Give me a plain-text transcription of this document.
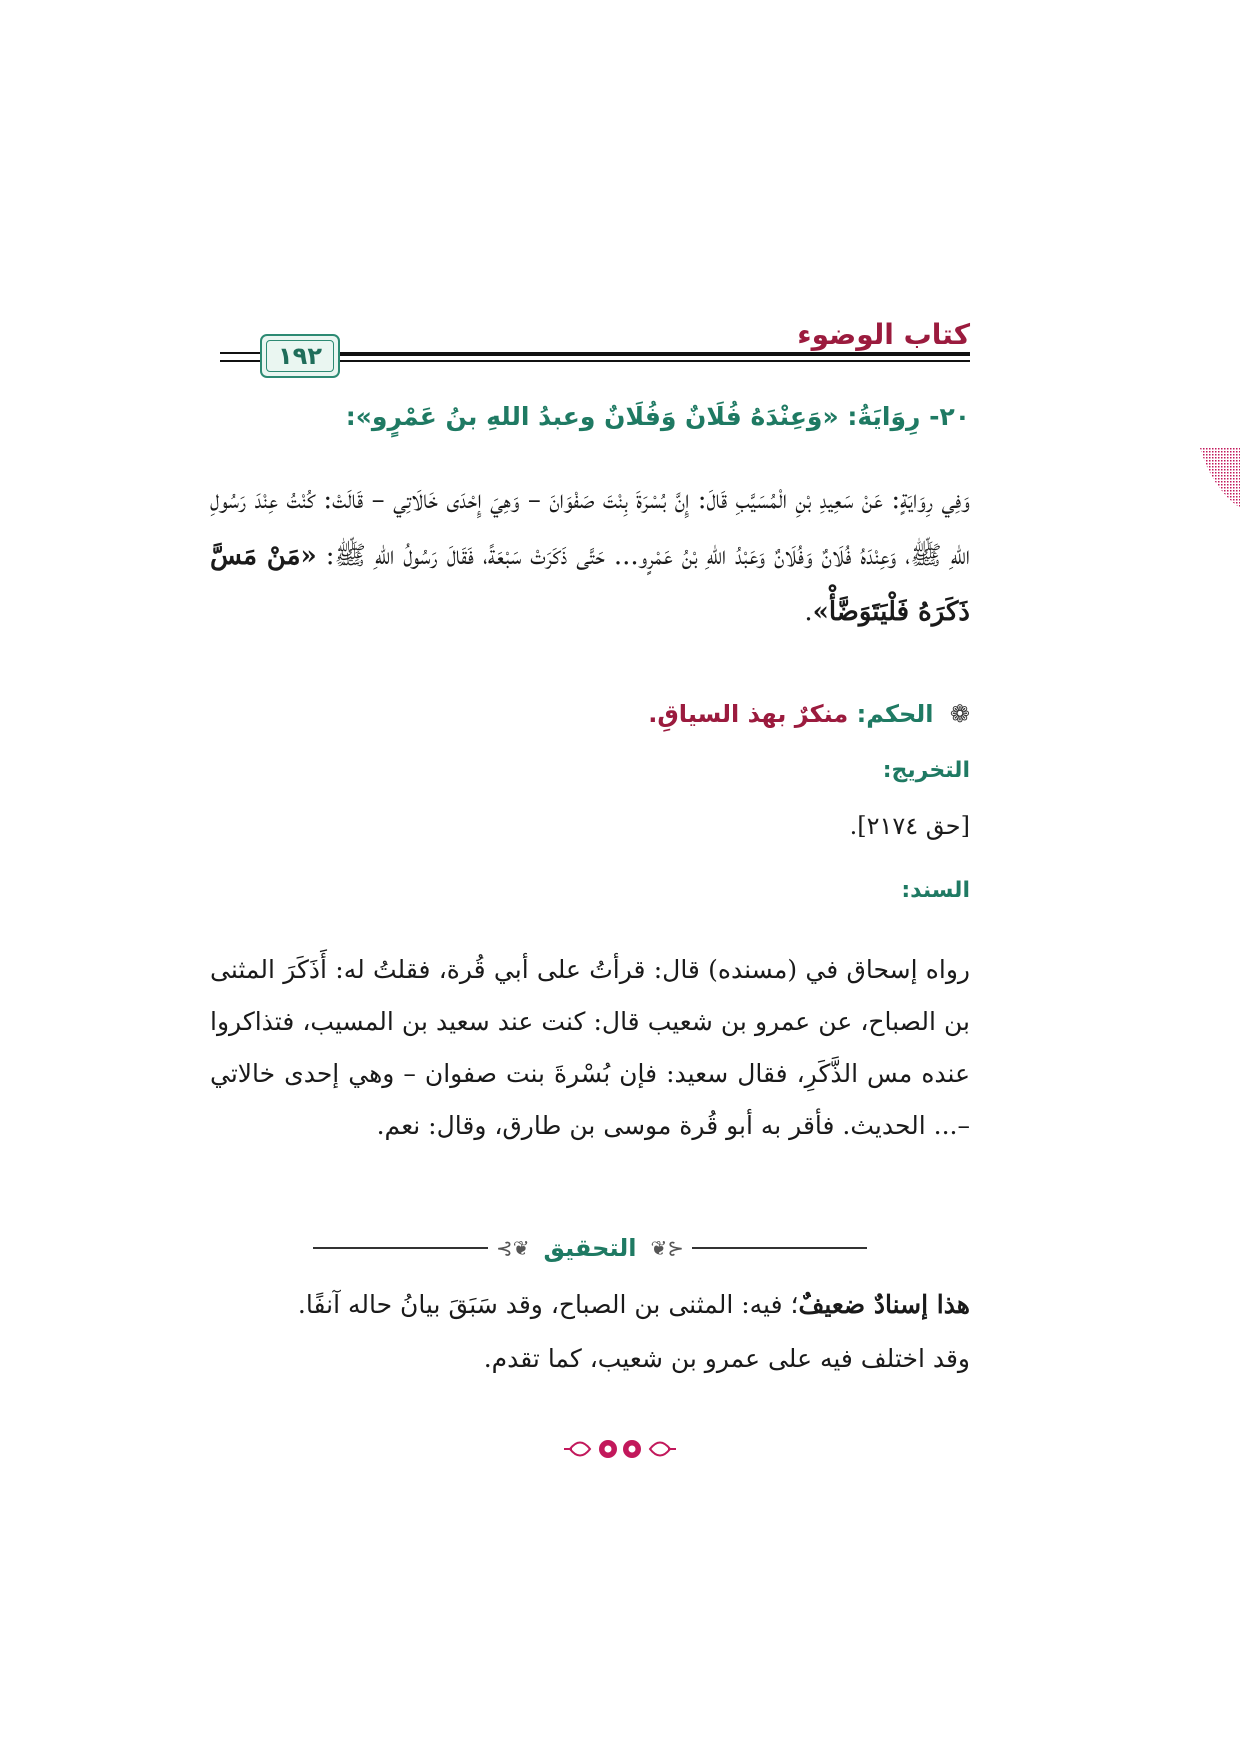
كتاب الوضوء
١٩٢
٢٠- رِوَايَةُ: «وَعِنْدَهُ فُلَانٌ وَفُلَانٌ وعبدُ اللهِ بنُ عَمْرٍو»:
وَفِي رِوَايَةٍ: عَنْ سَعِيدِ بْنِ الْمُسَيَّبِ قَالَ: إِنَّ بُسْرَةَ بِنْتَ صَفْوَانَ – وَهِيَ إِحْدَى خَالَاتِي – قَالَتْ: كُنْتُ عِنْدَ رَسُولِ اللهِ ﷺ، وَعِنْدَهُ فُلَانٌ وَفُلَانٌ وَعَبْدُ اللهِ بْنُ عَمْرٍو... حَتَّى ذَكَرَتْ سَبْعَةً، فَقَالَ رَسُولُ اللهِ ﷺ: «مَنْ مَسَّ ذَكَرَهُ فَلْيَتَوَضَّأْ».
❁ الحكم: منكرٌ بهذ السياقِ.
التخريج:
[حق ٢١٧٤].
السند:
رواه إسحاق في (مسنده) قال: قرأتُ على أبي قُرة، فقلتُ له: أَذَكَرَ المثنى بن الصباح، عن عمرو بن شعيب قال: كنت عند سعيد بن المسيب، فتذاكروا عنده مس الذَّكَرِ، فقال سعيد: فإن بُسْرةَ بنت صفوان – وهي إحدى خالاتي –... الحديث. فأقر به أبو قُرة موسى بن طارق، وقال: نعم.
⊰❦ التحقيق ❦⊱
هذا إسنادٌ ضعيفٌ؛ فيه: المثنى بن الصباح، وقد سَبَقَ بيانُ حاله آنفًا.
وقد اختلف فيه على عمرو بن شعيب، كما تقدم.
